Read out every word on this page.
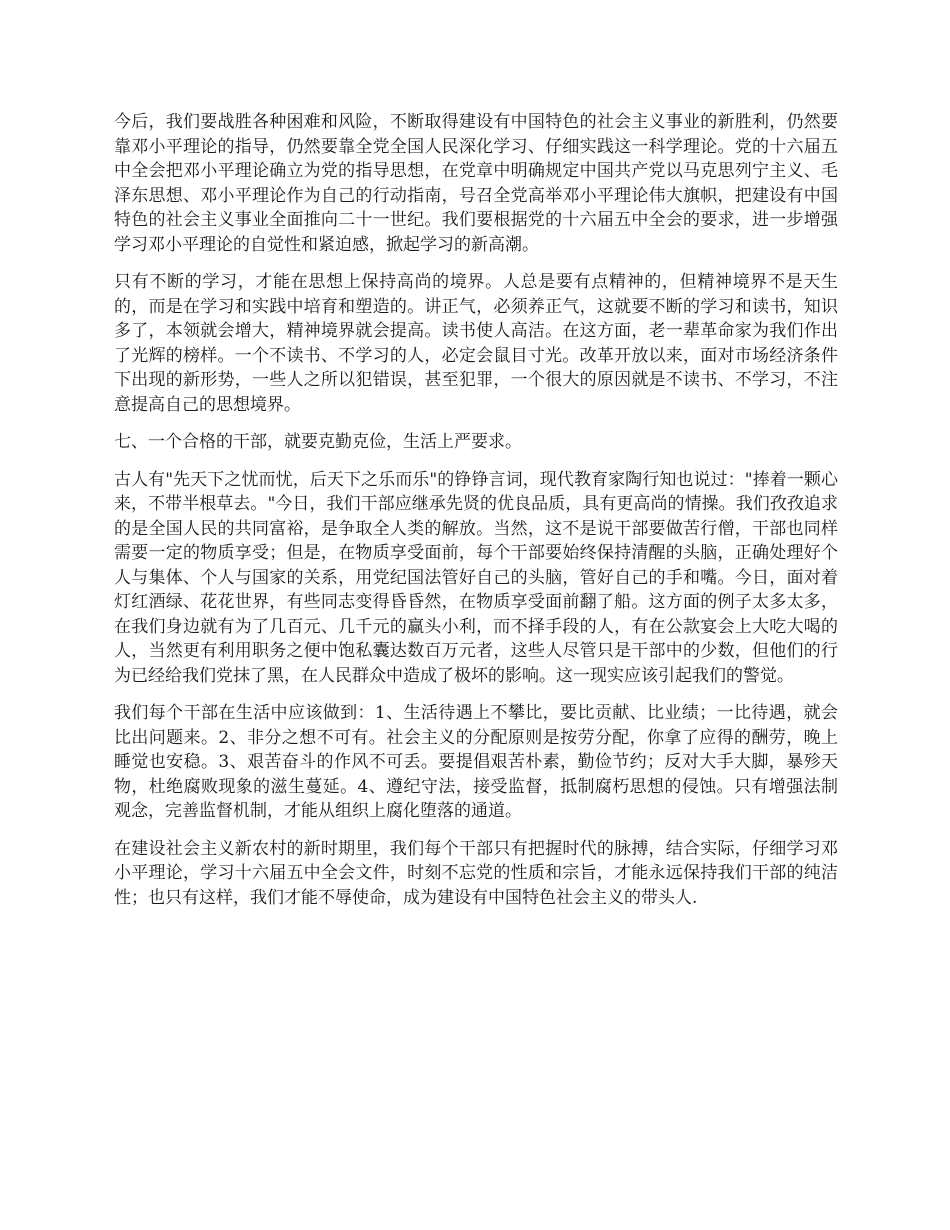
今后，我们要战胜各种困难和风险，不断取得建设有中国特色的社会主义事业的新胜利，仍然要靠邓小平理论的指导，仍然要靠全党全国人民深化学习、仔细实践这一科学理论。党的十六届五中全会把邓小平理论确立为党的指导思想，在党章中明确规定中国共产党以马克思列宁主义、毛泽东思想、邓小平理论作为自己的行动指南，号召全党高举邓小平理论伟大旗帜，把建设有中国特色的社会主义事业全面推向二十一世纪。我们要根据党的十六届五中全会的要求，进一步增强学习邓小平理论的自觉性和紧迫感，掀起学习的新高潮。

只有不断的学习，才能在思想上保持高尚的境界。人总是要有点精神的，但精神境界不是天生的，而是在学习和实践中培育和塑造的。讲正气，必须养正气，这就要不断的学习和读书，知识多了，本领就会增大，精神境界就会提高。读书使人高洁。在这方面，老一辈革命家为我们作出了光辉的榜样。一个不读书、不学习的人，必定会鼠目寸光。改革开放以来，面对市场经济条件下出现的新形势，一些人之所以犯错误，甚至犯罪，一个很大的原因就是不读书、不学习，不注意提高自己的思想境界。

七、一个合格的干部，就要克勤克俭，生活上严要求。

古人有"先天下之忧而忧，后天下之乐而乐"的铮铮言词，现代教育家陶行知也说过："捧着一颗心来，不带半根草去。"今日，我们干部应继承先贤的优良品质，具有更高尚的情操。我们孜孜追求的是全国人民的共同富裕，是争取全人类的解放。当然，这不是说干部要做苦行僧，干部也同样需要一定的物质享受；但是，在物质享受面前，每个干部要始终保持清醒的头脑，正确处理好个人与集体、个人与国家的关系，用党纪国法管好自己的头脑，管好自己的手和嘴。今日，面对着灯红酒绿、花花世界，有些同志变得昏昏然，在物质享受面前翻了船。这方面的例子太多太多，在我们身边就有为了几百元、几千元的赢头小利，而不择手段的人，有在公款宴会上大吃大喝的人，当然更有利用职务之便中饱私囊达数百万元者，这些人尽管只是干部中的少数，但他们的行为已经给我们党抹了黑，在人民群众中造成了极坏的影响。这一现实应该引起我们的警觉。

我们每个干部在生活中应该做到：1、生活待遇上不攀比，要比贡献、比业绩；一比待遇，就会比出问题来。2、非分之想不可有。社会主义的分配原则是按劳分配，你拿了应得的酬劳，晚上睡觉也安稳。3、艰苦奋斗的作风不可丢。要提倡艰苦朴素，勤俭节约；反对大手大脚，暴殄天物，杜绝腐败现象的滋生蔓延。4、遵纪守法，接受监督，抵制腐朽思想的侵蚀。只有增强法制观念，完善监督机制，才能从组织上腐化堕落的通道。

在建设社会主义新农村的新时期里，我们每个干部只有把握时代的脉搏，结合实际，仔细学习邓小平理论，学习十六届五中全会文件，时刻不忘党的性质和宗旨，才能永远保持我们干部的纯洁性；也只有这样，我们才能不辱使命，成为建设有中国特色社会主义的带头人.
